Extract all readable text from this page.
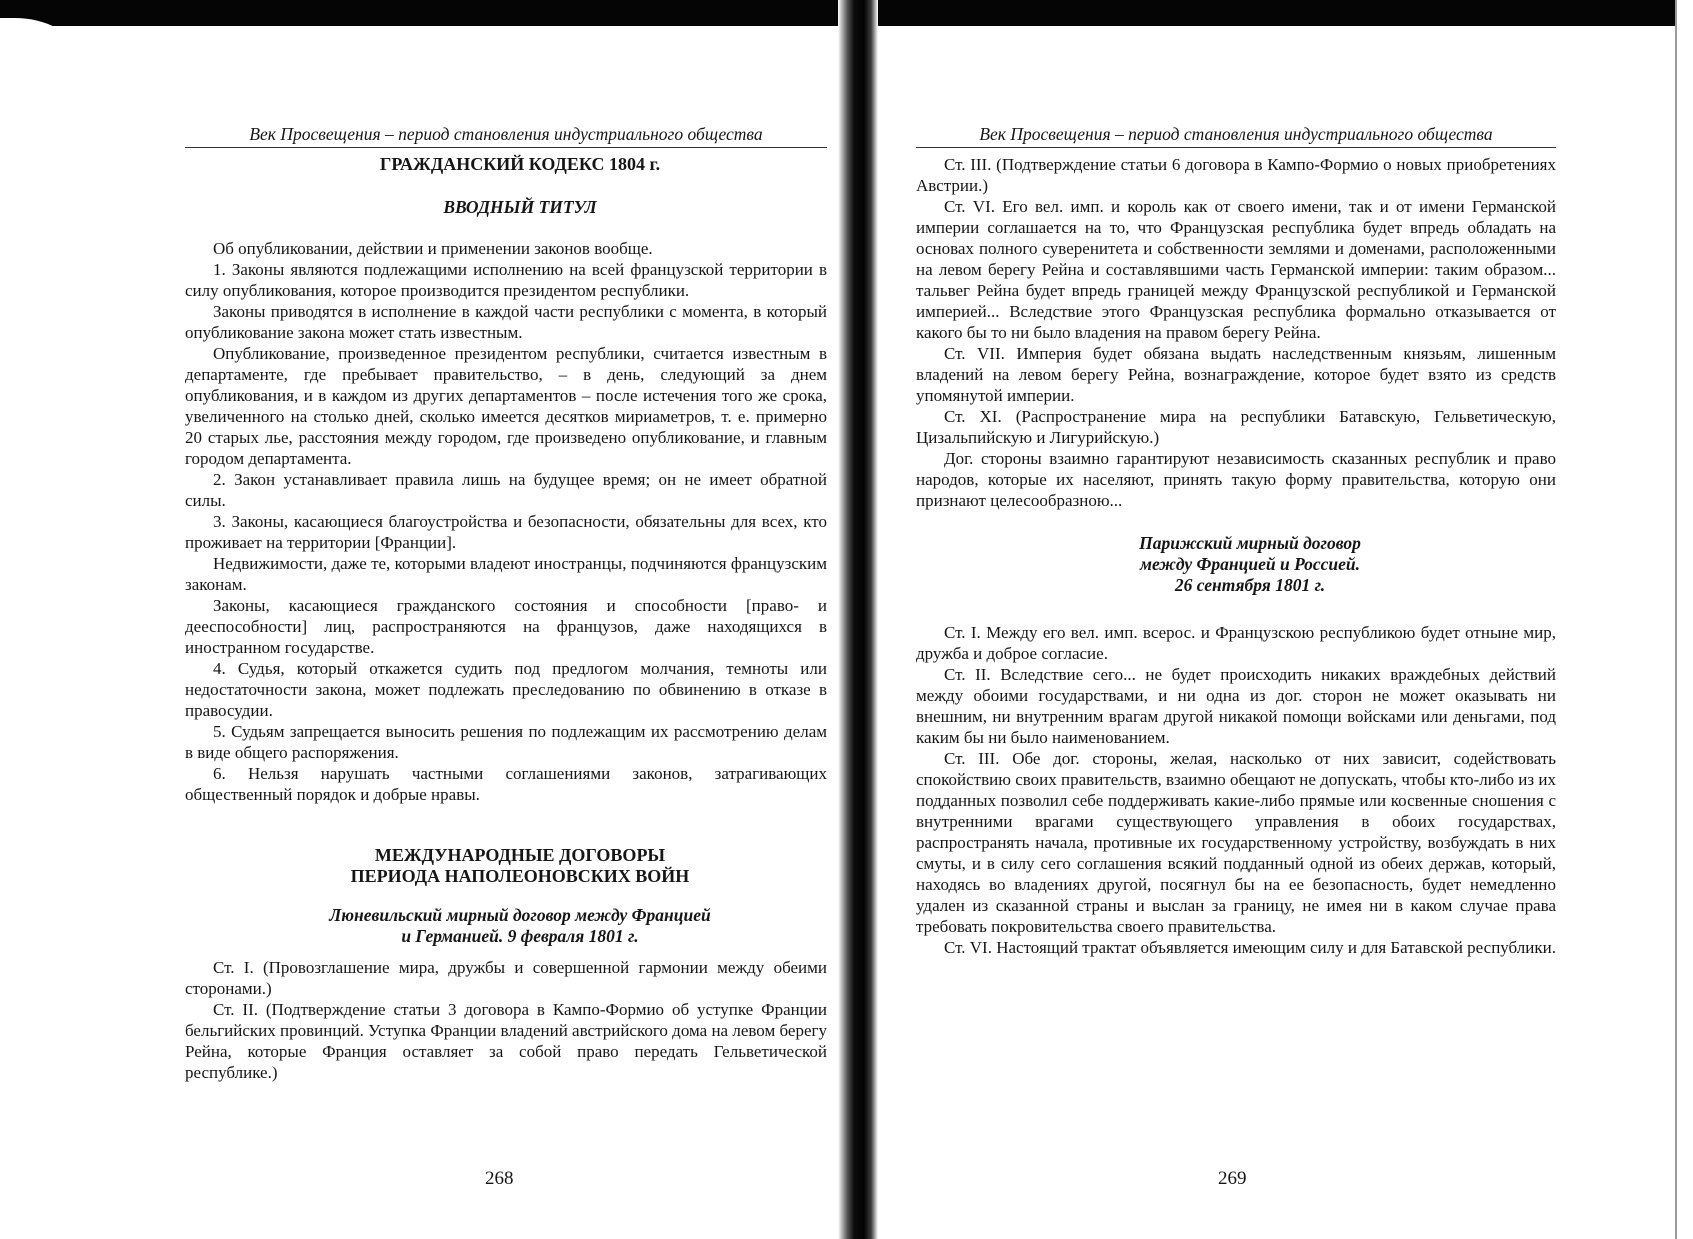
Век Просвещения – период становления индустриального общества

ГРАЖДАНСКИЙ КОДЕКС 1804 г.

ВВОДНЫЙ ТИТУЛ

Об опубликовании, действии и применении законов вообще.

1. Законы являются подлежащими исполнению на всей французской территории в силу опубликования, которое производится президентом республики.

Законы приводятся в исполнение в каждой части республики с момента, в который опубликование закона может стать известным.

Опубликование, произведенное президентом республики, считается известным в департаменте, где пребывает правительство, – в день, следующий за днем опубликования, и в каждом из других департаментов – после истечения того же срока, увеличенного на столько дней, сколько имеется десятков мириаметров, т. е. примерно 20 старых льe, расстояния между городом, где произведено опубликование, и главным городом департамента.

2. Закон устанавливает правила лишь на будущее время; он не имеет обратной силы.

3. Законы, касающиеся благоустройства и безопасности, обязательны для всех, кто проживает на территории [Франции].

Недвижимости, даже те, которыми владеют иностранцы, подчиняются французским законам.

Законы, касающиеся гражданского состояния и способности [право- и дееспособности] лиц, распространяются на французов, даже находящихся в иностранном государстве.

4. Судья, который откажется судить под предлогом молчания, темноты или недостаточности закона, может подлежать преследованию по обвинению в отказе в правосудии.

5. Судьям запрещается выносить решения по подлежащим их рассмотрению делам в виде общего распоряжения.

6. Нельзя нарушать частными соглашениями законов, затрагивающих общественный порядок и добрые нравы.

МЕЖДУНАРОДНЫЕ ДОГОВОРЫ

ПЕРИОДА НАПОЛЕОНОВСКИХ ВОЙН

Люневильский мирный договор между Францией

и Германией. 9 февраля 1801 г.

Ст. I. (Провозглашение мира, дружбы и совершенной гармонии между обеими сторонами.)

Ст. II. (Подтверждение статьи 3 договора в Кампо-Формио об уступке Франции бельгийских провинций. Уступка Франции владений австрийского дома на левом берегу Рейна, которые Франция оставляет за собой право передать Гельветической республике.)

268
Век Просвещения – период становления индустриального общества

Ст. III. (Подтверждение статьи 6 договора в Кампо-Формио о новых приобретениях Австрии.)

Ст. VI. Его вел. имп. и король как от своего имени, так и от имени Германской империи соглашается на то, что Французская республика будет впредь обладать на основах полного суверенитета и собственности землями и доменами, расположенными на левом берегу Рейна и составлявшими часть Германской империи: таким образом... тальвег Рейна будет впредь границей между Французской республикой и Германской империей... Вследствие этого Французская республика формально отказывается от какого бы то ни было владения на правом берегу Рейна.

Ст. VII. Империя будет обязана выдать наследственным князьям, лишенным владений на левом берегу Рейна, вознаграждение, которое будет взято из средств упомянутой империи.

Ст. XI. (Распространение мира на республики Батавскую, Гельветическую, Цизальпийскую и Лигурийскую.)

Дог. стороны взаимно гарантируют независимость сказанных республик и право народов, которые их населяют, принять такую форму правительства, которую они признают целесообразною...

Парижский мирный договор

между Францией и Россией.

26 сентября 1801 г.

Ст. I. Между его вел. имп. всерос. и Французскою республикою будет отныне мир, дружба и доброе согласие.

Ст. II. Вследствие сего... не будет происходить никаких враждебных действий между обоими государствами, и ни одна из дог. сторон не может оказывать ни внешним, ни внутренним врагам другой никакой помощи войсками или деньгами, под каким бы ни было наименованием.

Ст. III. Обе дог. стороны, желая, насколько от них зависит, содействовать спокойствию своих правительств, взаимно обещают не допускать, чтобы кто-либо из их подданных позволил себе поддерживать какие-либо прямые или косвенные сношения с внутренними врагами существующего управления в обоих государствах, распространять начала, противные их государственному устройству, возбуждать в них смуты, и в силу сего соглашения всякий подданный одной из обеих держав, который, находясь во владениях другой, посягнул бы на ее безопасность, будет немедленно удален из сказанной страны и выслан за границу, не имея ни в каком случае права требовать покровительства своего правительства.

Ст. VI. Настоящий трактат объявляется имеющим силу и для Батавской республики.

269
